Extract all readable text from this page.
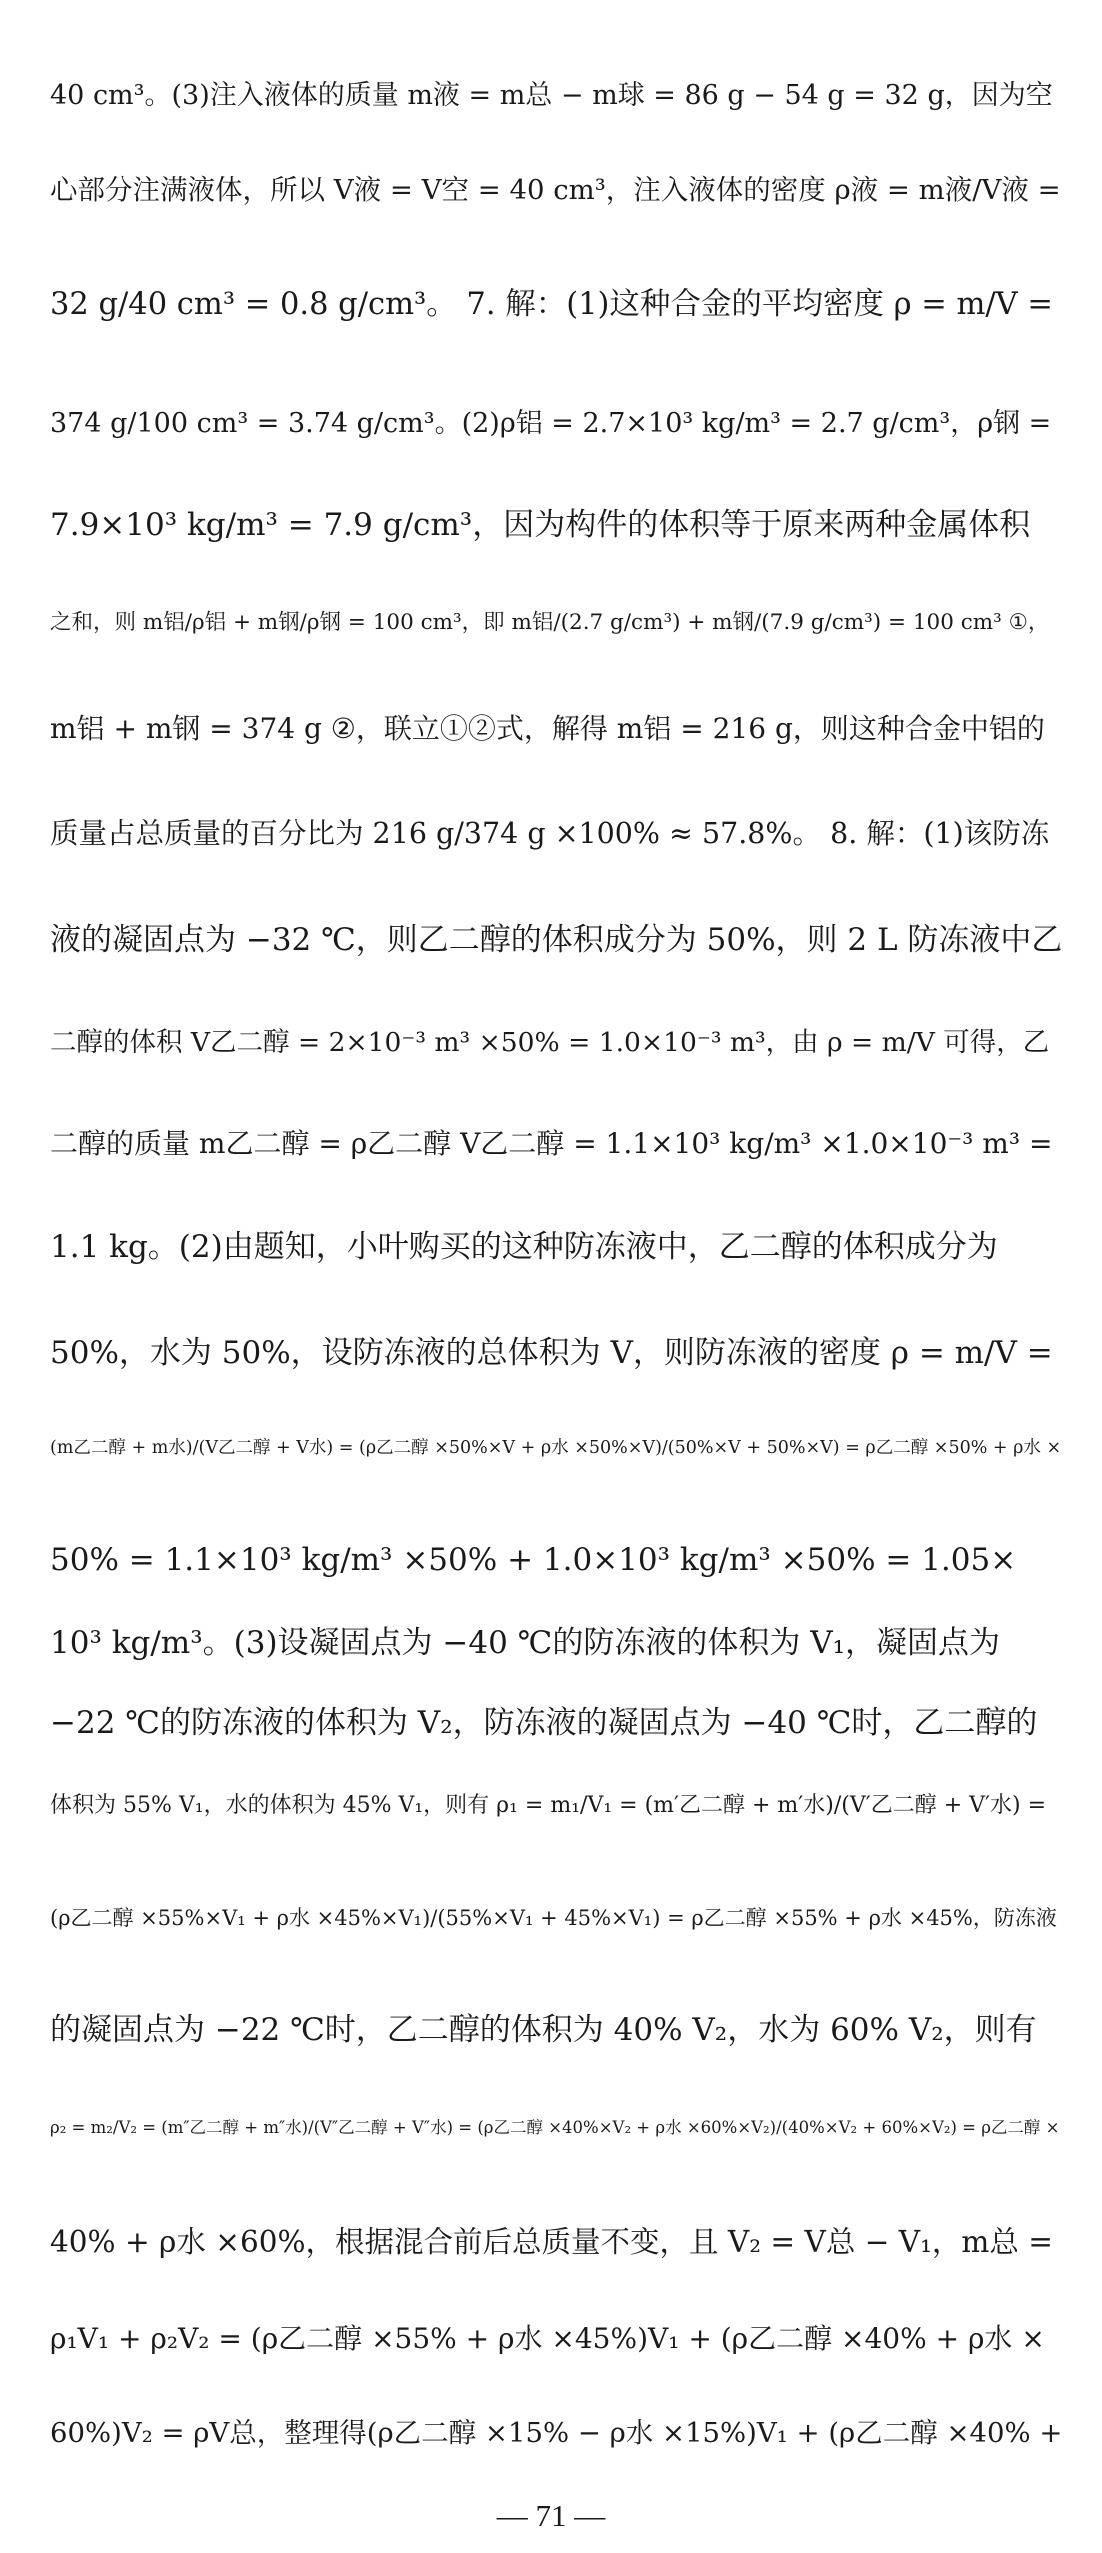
40 cm³。(3)注入液体的质量 m液 = m总 − m球 = 86 g − 54 g = 32 g，因为空
心部分注满液体，所以 V液 = V空 = 40 cm³，注入液体的密度 ρ液 = m液/V液 =
32 g/40 cm³ = 0.8 g/cm³。 7. 解：(1)这种合金的平均密度 ρ = m/V =
374 g/100 cm³ = 3.74 g/cm³。(2)ρ铝 = 2.7×10³ kg/m³ = 2.7 g/cm³，ρ钢 =
7.9×10³ kg/m³ = 7.9 g/cm³，因为构件的体积等于原来两种金属体积
之和，则 m铝/ρ铝 + m钢/ρ钢 = 100 cm³，即 m铝/(2.7 g/cm³) + m钢/(7.9 g/cm³) = 100 cm³ ①，
m铝 + m钢 = 374 g ②，联立①②式，解得 m铝 = 216 g，则这种合金中铝的
质量占总质量的百分比为 216 g/374 g ×100% ≈ 57.8%。 8. 解：(1)该防冻
液的凝固点为 −32 ℃，则乙二醇的体积成分为 50%，则 2 L 防冻液中乙
二醇的体积 V乙二醇 = 2×10⁻³ m³ ×50% = 1.0×10⁻³ m³，由 ρ = m/V 可得，乙
二醇的质量 m乙二醇 = ρ乙二醇 V乙二醇 = 1.1×10³ kg/m³ ×1.0×10⁻³ m³ =
1.1 kg。(2)由题知，小叶购买的这种防冻液中，乙二醇的体积成分为
50%，水为 50%，设防冻液的总体积为 V，则防冻液的密度 ρ = m/V =
(m乙二醇 + m水)/(V乙二醇 + V水) = (ρ乙二醇 ×50%×V + ρ水 ×50%×V)/(50%×V + 50%×V) = ρ乙二醇 ×50% + ρ水 ×
50% = 1.1×10³ kg/m³ ×50% + 1.0×10³ kg/m³ ×50% = 1.05×
10³ kg/m³。(3)设凝固点为 −40 ℃的防冻液的体积为 V₁，凝固点为
−22 ℃的防冻液的体积为 V₂，防冻液的凝固点为 −40 ℃时，乙二醇的
体积为 55% V₁，水的体积为 45% V₁，则有 ρ₁ = m₁/V₁ = (m′乙二醇 + m′水)/(V′乙二醇 + V′水) =
(ρ乙二醇 ×55%×V₁ + ρ水 ×45%×V₁)/(55%×V₁ + 45%×V₁) = ρ乙二醇 ×55% + ρ水 ×45%，防冻液
的凝固点为 −22 ℃时，乙二醇的体积为 40% V₂，水为 60% V₂，则有
ρ₂ = m₂/V₂ = (m″乙二醇 + m″水)/(V″乙二醇 + V″水) = (ρ乙二醇 ×40%×V₂ + ρ水 ×60%×V₂)/(40%×V₂ + 60%×V₂) = ρ乙二醇 ×
40% + ρ水 ×60%，根据混合前后总质量不变，且 V₂ = V总 − V₁，m总 =
ρ₁V₁ + ρ₂V₂ = (ρ乙二醇 ×55% + ρ水 ×45%)V₁ + (ρ乙二醇 ×40% + ρ水 ×
60%)V₂ = ρV总，整理得(ρ乙二醇 ×15% − ρ水 ×15%)V₁ + (ρ乙二醇 ×40% +
— 71 —
